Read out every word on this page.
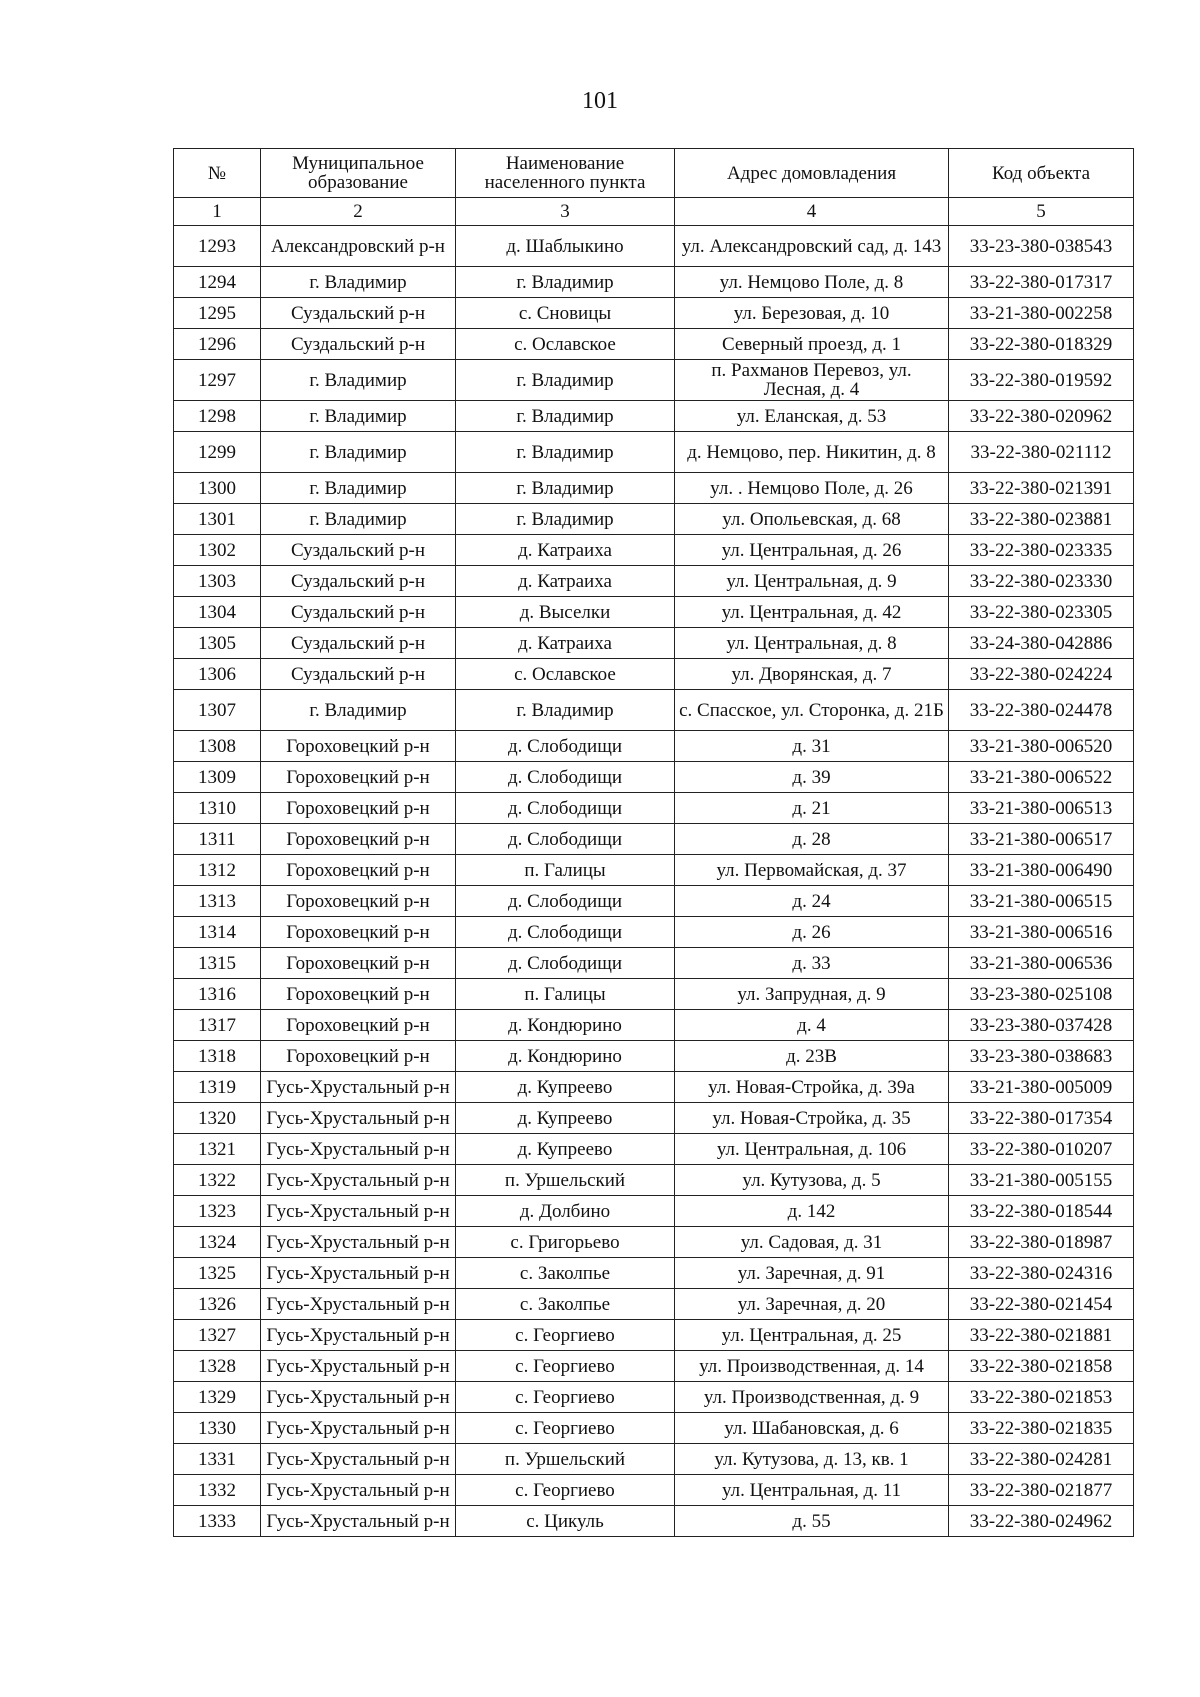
101
№	Муниципальное образование	Наименование населенного пункта	Адрес домовладения	Код объекта
1	2	3	4	5
1293	Александровский р-н	д. Шаблыкино	ул. Александровский сад, д. 143	33-23-380-038543
1294	г. Владимир	г. Владимир	ул. Немцово Поле, д. 8	33-22-380-017317
1295	Суздальский р-н	с. Сновицы	ул. Березовая, д. 10	33-21-380-002258
1296	Суздальский р-н	с. Ославское	Северный проезд, д. 1	33-22-380-018329
1297	г. Владимир	г. Владимир	п. Рахманов Перевоз, ул. Лесная, д. 4	33-22-380-019592
1298	г. Владимир	г. Владимир	ул. Еланская, д. 53	33-22-380-020962
1299	г. Владимир	г. Владимир	д. Немцово, пер. Никитин, д. 8	33-22-380-021112
1300	г. Владимир	г. Владимир	ул. . Немцово Поле, д. 26	33-22-380-021391
1301	г. Владимир	г. Владимир	ул. Опольевская, д. 68	33-22-380-023881
1302	Суздальский р-н	д. Катраиха	ул. Центральная, д. 26	33-22-380-023335
1303	Суздальский р-н	д. Катраиха	ул. Центральная, д. 9	33-22-380-023330
1304	Суздальский р-н	д. Выселки	ул. Центральная, д. 42	33-22-380-023305
1305	Суздальский р-н	д. Катраиха	ул. Центральная, д. 8	33-24-380-042886
1306	Суздальский р-н	с. Ославское	ул. Дворянская, д. 7	33-22-380-024224
1307	г. Владимир	г. Владимир	с. Спасское, ул. Сторонка, д. 21Б	33-22-380-024478
1308	Гороховецкий р-н	д. Слободищи	д. 31	33-21-380-006520
1309	Гороховецкий р-н	д. Слободищи	д. 39	33-21-380-006522
1310	Гороховецкий р-н	д. Слободищи	д. 21	33-21-380-006513
1311	Гороховецкий р-н	д. Слободищи	д. 28	33-21-380-006517
1312	Гороховецкий р-н	п. Галицы	ул. Первомайская, д. 37	33-21-380-006490
1313	Гороховецкий р-н	д. Слободищи	д. 24	33-21-380-006515
1314	Гороховецкий р-н	д. Слободищи	д. 26	33-21-380-006516
1315	Гороховецкий р-н	д. Слободищи	д. 33	33-21-380-006536
1316	Гороховецкий р-н	п. Галицы	ул. Запрудная, д. 9	33-23-380-025108
1317	Гороховецкий р-н	д. Кондюрино	д. 4	33-23-380-037428
1318	Гороховецкий р-н	д. Кондюрино	д. 23В	33-23-380-038683
1319	Гусь-Хрустальный р-н	д. Купреево	ул. Новая-Стройка, д. 39а	33-21-380-005009
1320	Гусь-Хрустальный р-н	д. Купреево	ул. Новая-Стройка, д. 35	33-22-380-017354
1321	Гусь-Хрустальный р-н	д. Купреево	ул. Центральная, д. 106	33-22-380-010207
1322	Гусь-Хрустальный р-н	п. Уршельский	ул. Кутузова, д. 5	33-21-380-005155
1323	Гусь-Хрустальный р-н	д. Долбино	д. 142	33-22-380-018544
1324	Гусь-Хрустальный р-н	с. Григорьево	ул. Садовая, д. 31	33-22-380-018987
1325	Гусь-Хрустальный р-н	с. Заколпье	ул. Заречная, д. 91	33-22-380-024316
1326	Гусь-Хрустальный р-н	с. Заколпье	ул. Заречная, д. 20	33-22-380-021454
1327	Гусь-Хрустальный р-н	с. Георгиево	ул. Центральная, д. 25	33-22-380-021881
1328	Гусь-Хрустальный р-н	с. Георгиево	ул. Производственная, д. 14	33-22-380-021858
1329	Гусь-Хрустальный р-н	с. Георгиево	ул. Производственная, д. 9	33-22-380-021853
1330	Гусь-Хрустальный р-н	с. Георгиево	ул. Шабановская, д. 6	33-22-380-021835
1331	Гусь-Хрустальный р-н	п. Уршельский	ул. Кутузова, д. 13, кв. 1	33-22-380-024281
1332	Гусь-Хрустальный р-н	с. Георгиево	ул. Центральная, д. 11	33-22-380-021877
1333	Гусь-Хрустальный р-н	с. Цикуль	д. 55	33-22-380-024962
